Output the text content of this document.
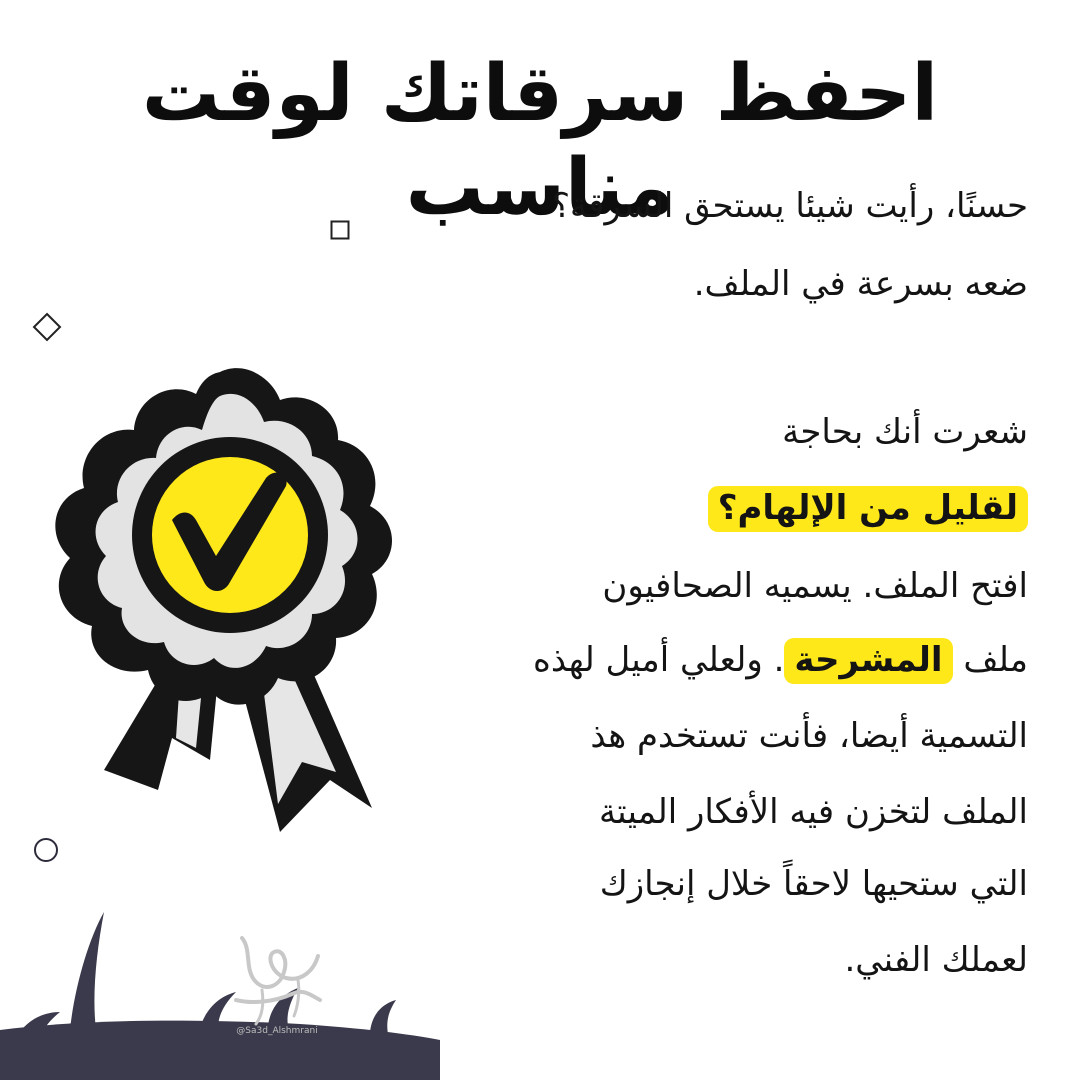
احفظ سرقاتك لوقت مناسب
حسنًا، رأيت شيئا يستحق السرقة؟
ضعه بسرعة في الملف.
شعرت أنك بحاجة
لقليل من الإلهام؟
افتح الملف. يسميه الصحافيون
ملف المشرحة. ولعلي أميل لهذه
التسمية أيضا، فأنت تستخدم هذ
الملف لتخزن فيه الأفكار الميتة
التي ستحيها لاحقاً خلال إنجازك
لعملك الفني.
@Sa3d_Alshmrani
